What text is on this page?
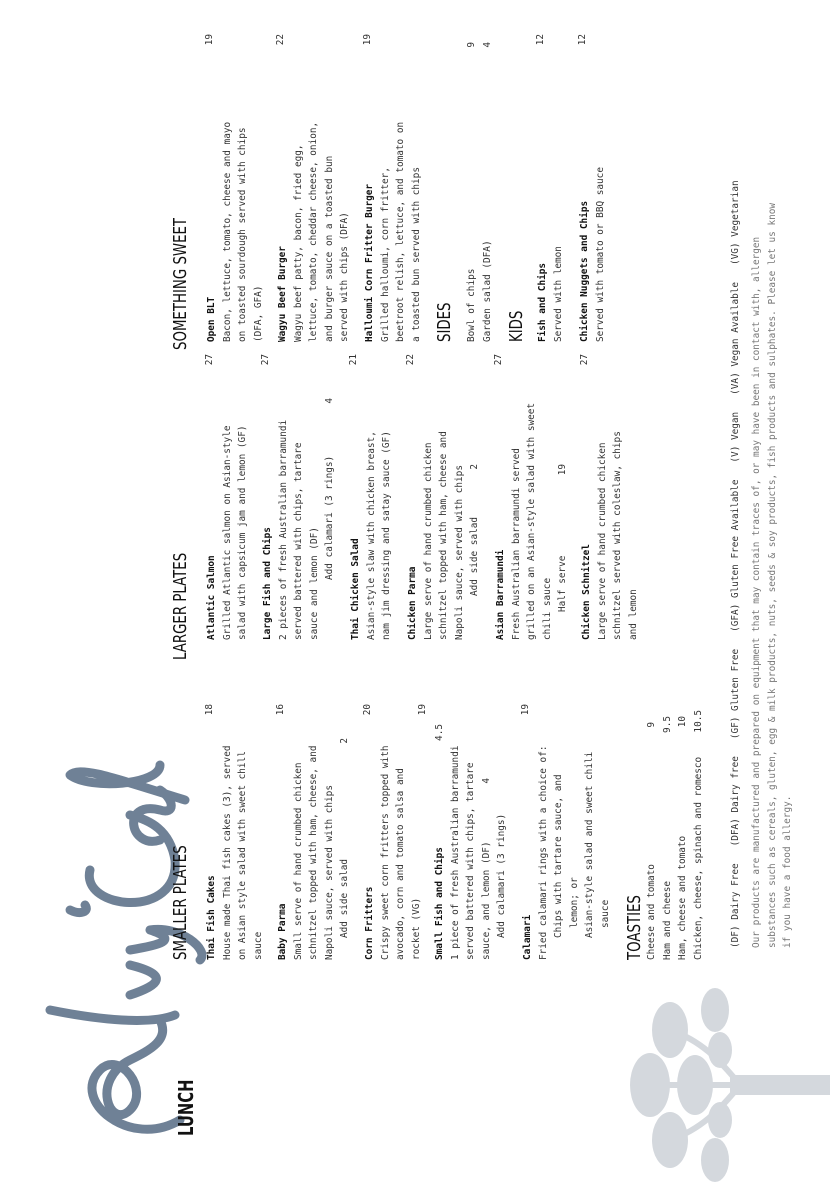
LUNCH
SMALLER PLATES Thai Fish Cakes House made Thai fish cakes (3), served on Asian style salad with sweet chill sauce
18
Baby Parma Small serve of hand crumbed chicken schnitzel topped with ham, cheese, and Napoli sauce, served with chips Add side salad
2
16
Corn Fritters Crispy sweet corn fritters topped with avocado, corn and tomato salsa and rocket (VG)
20
Small Fish and Chips
4.5
1 piece of fresh Australian barramundi served battered with chips, tartare sauce, and lemon (DF)
4
Add calamari (3 rings)
19
Calamari Fried calamari rings with a choice of: Chips with tartare sauce, and lemon; or Asian-style salad and sweet chili sauce
19
TOASTIES Cheese and tomato
9
Ham and cheese
9.5
Ham, cheese and tomato
10
Chicken, cheese, spinach and romesco
10.5
LARGER PLATES Atlantic Salmon Grilled Atlantic salmon on Asian-style salad with capsicum jam and lemon (GF)
27
Large Fish and Chips 2 pieces of fresh Australian barramundi served battered with chips, tartare sauce and lemon (DF)
Add calamari (3 rings)
4
27
Thai Chicken Salad Asian-style slaw with chicken breast, nam jim dressing and satay sauce (GF)
21
Chicken Parma Large serve of hand crumbed chicken schnitzel topped with ham, cheese and Napoli sauce, served with chips Add side salad
2
22
Asian Barramundi Fresh Australian barramundi served grilled on an Asian-style salad with sweet chili sauce Half serve
19
27
Chicken Schnitzel Large serve of hand crumbed chicken schnitzel served with coleslaw, chips and lemon
27
SOMETHING SWEET Open BLT Bacon, lettuce, tomato, cheese and mayo on toasted sourdough served with chips (DFA, GFA)
19
Wagyu Beef Burger Wagyu beef patty, bacon, fried egg, lettuce, tomato, cheddar cheese, onion, and burger sauce on a toasted bun served with chips (DFA)
22
Halloumi Corn Fritter Burger Grilled halloumi, corn fritter, beetroot relish, lettuce, and tomato on a toasted bun served with chips
19
SIDES Bowl of chips
9
Garden salad (DFA)
4
KIDS Fish and Chips Served with lemon
12
Chicken Nuggets and Chips Served with tomato or BBQ sauce
12
(DF) Dairy Free   (DFA) Dairy free   (GF) Gluten Free   (GFA) Gluten Free Available   (V) Vegan   (VA) Vegan Available   (VG) Vegetarian Our products are manufactured and prepared on equipment that may contain traces of, or may have been in contact with, allergen substances such as cereals, gluten, egg & milk products, nuts, seeds & soy products, fish products and sulphates. Please let us know if you have a food allergy.
